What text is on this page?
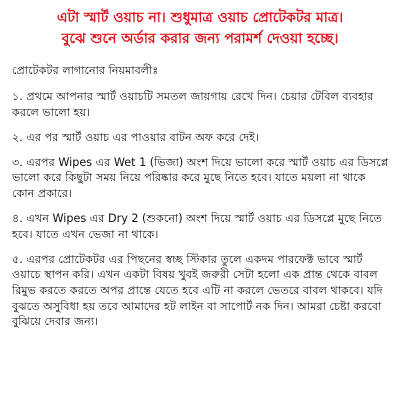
এটা স্মার্ট ওয়াচ না। শুধুমাত্র ওয়াচ প্রোটেকটর মাত্র।
বুঝে শুনে অর্ডার করার জন্য পরামর্শ দেওয়া হচ্ছে।
প্রোটেকটর লাগানোর নিয়মাবলীঃ
১. প্রথমে আপনার স্মার্ট ওয়াচটি সমতল জায়গায় রেখে দিন। চেয়ার টেবিল ব্যবহার করলে ভালো হয়।
২. এর পর স্মার্ট ওয়াচ এর পাওয়ার বাটন অফ করে দেই।
৩. এরপর Wipes এর Wet 1 (ভিজা) অংশ দিয়ে ভালো করে স্মার্ট ওয়াচ এর ডিসপ্লে ভালো করে কিছুটা সময় নিয়ে পরিষ্কার করে মুছে নিতে হবে। যাতে ময়লা না থাকে কোন প্রকারে।
৪. এখন Wipes এর Dry 2 (শুকনো) অংশ দিয়ে স্মার্ট ওয়াচ এর ডিসপ্লে মুছে নিতে হবে। যাতে এখন ভেজা না থাকে।
৫. এরপর প্রোটেকটর এর পিছনের স্বচ্ছ স্টিকার তুলে একদম পারফেক্ট ভাবে স্মার্ট ওয়াচে স্থাপন করি। এখন একটা বিষয় খুবই জরুরী সেটা হলো এক প্রান্ত থেকে বাবল রিমুভ করতে করতে অপর প্রান্তে যেতে হবে এটি না করলে ভেতরে বাবল থাকবে। যদি বুঝতে অসুবিধা হয় তবে আমাদের হট লাইন বা সাপোর্ট নক দিন। আমরা চেষ্টা করবো বুঝিয়ে দেবার জন্য।
